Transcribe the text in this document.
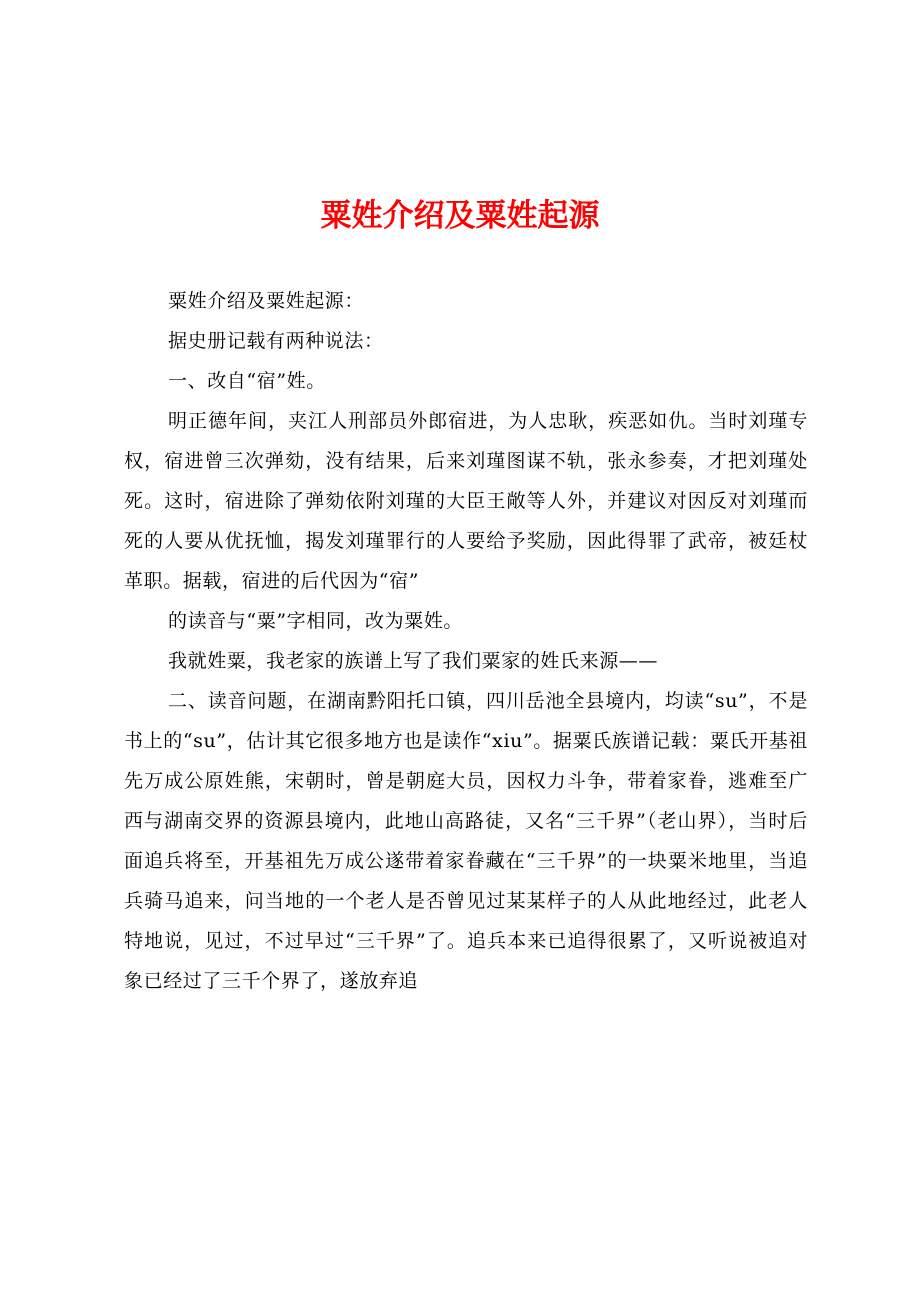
粟姓介绍及粟姓起源

粟姓介绍及粟姓起源：

据史册记载有两种说法：

一、改自“宿”姓。

明正德年间，夹江人刑部员外郎宿进，为人忠耿，疾恶如仇。当时刘瑾专权，宿进曾三次弹劾，没有结果，后来刘瑾图谋不轨，张永参奏，才把刘瑾处死。这时，宿进除了弹劾依附刘瑾的大臣王敞等人外，并建议对因反对刘瑾而死的人要从优抚恤，揭发刘瑾罪行的人要给予奖励，因此得罪了武帝，被廷杖革职。据载，宿进的后代因为“宿”

的读音与“粟”字相同，改为粟姓。

我就姓粟，我老家的族谱上写了我们粟家的姓氏来源——

二、读音问题，在湖南黔阳托口镇，四川岳池全县境内，均读“su”，不是书上的“su”，估计其它很多地方也是读作“xiu”。据粟氏族谱记载：粟氏开基祖先万成公原姓熊，宋朝时，曾是朝庭大员，因权力斗争，带着家眷，逃难至广西与湖南交界的资源县境内，此地山高路徒，又名“三千界”（老山界），当时后面追兵将至，开基祖先万成公遂带着家眷藏在“三千界”的一块粟米地里，当追兵骑马追来，问当地的一个老人是否曾见过某某样子的人从此地经过，此老人特地说，见过，不过早过“三千界”了。追兵本来已追得很累了，又听说被追对象已经过了三千个界了，遂放弃追
